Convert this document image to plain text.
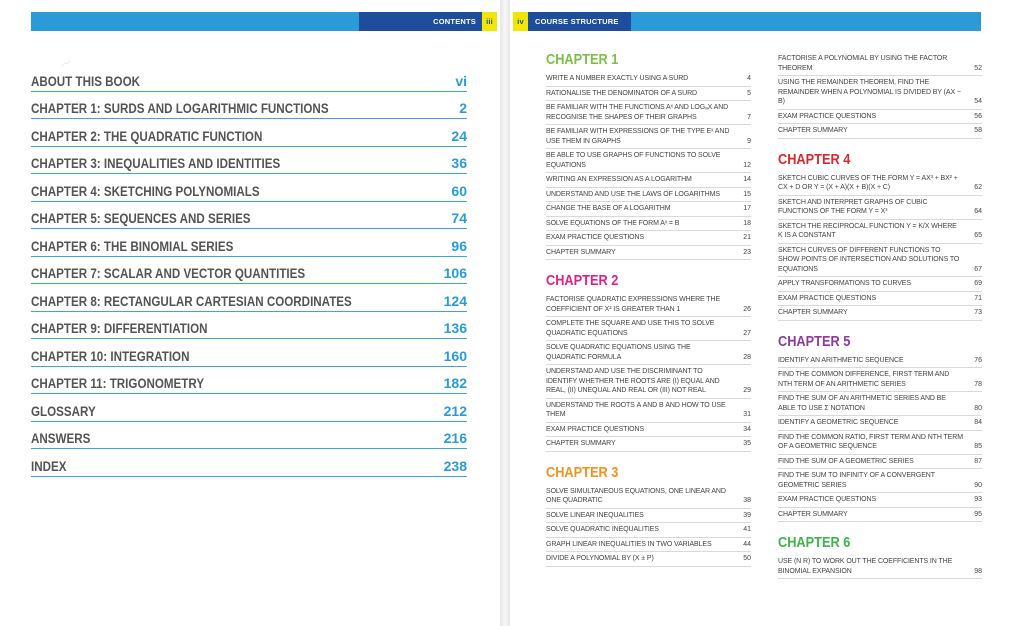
CONTENTS	iii	iv	COURSE STRUCTURE
ABOUT THIS BOOK	vi
CHAPTER 1: SURDS AND LOGARITHMIC FUNCTIONS	2
CHAPTER 2: THE QUADRATIC FUNCTION	24
CHAPTER 3: INEQUALITIES AND IDENTITIES	36
CHAPTER 4: SKETCHING POLYNOMIALS	60
CHAPTER 5: SEQUENCES AND SERIES	74
CHAPTER 6: THE BINOMIAL SERIES	96
CHAPTER 7: SCALAR AND VECTOR QUANTITIES	106
CHAPTER 8: RECTANGULAR CARTESIAN COORDINATES	124
CHAPTER 9: DIFFERENTIATION	136
CHAPTER 10: INTEGRATION	160
CHAPTER 11: TRIGONOMETRY	182
GLOSSARY	212
ANSWERS	216
INDEX	238
CHAPTER 1
WRITE A NUMBER EXACTLY USING A SURD	4
RATIONALISE THE DENOMINATOR OF A SURD	5
BE FAMILIAR WITH THE FUNCTIONS Aˣ AND LOGₐX AND RECOGNISE THE SHAPES OF THEIR GRAPHS	7
BE FAMILIAR WITH EXPRESSIONS OF THE TYPE Eˣ AND USE THEM IN GRAPHS	9
BE ABLE TO USE GRAPHS OF FUNCTIONS TO SOLVE EQUATIONS	12
WRITING AN EXPRESSION AS A LOGARITHM	14
UNDERSTAND AND USE THE LAWS OF LOGARITHMS	15
CHANGE THE BASE OF A LOGARITHM	17
SOLVE EQUATIONS OF THE FORM Aˣ = B	18
EXAM PRACTICE QUESTIONS	21
CHAPTER SUMMARY	23
CHAPTER 2
FACTORISE QUADRATIC EXPRESSIONS WHERE THE COEFFICIENT OF X² IS GREATER THAN 1	26
COMPLETE THE SQUARE AND USE THIS TO SOLVE QUADRATIC EQUATIONS	27
SOLVE QUADRATIC EQUATIONS USING THE QUADRATIC FORMULA	28
UNDERSTAND AND USE THE DISCRIMINANT TO IDENTIFY WHETHER THE ROOTS ARE (I) EQUAL AND REAL, (II) UNEQUAL AND REAL OR (III) NOT REAL	29
UNDERSTAND THE ROOTS Α AND Β AND HOW TO USE THEM	31
EXAM PRACTICE QUESTIONS	34
CHAPTER SUMMARY	35
CHAPTER 3
SOLVE SIMULTANEOUS EQUATIONS, ONE LINEAR AND ONE QUADRATIC	38
SOLVE LINEAR INEQUALITIES	39
SOLVE QUADRATIC INEQUALITIES	41
GRAPH LINEAR INEQUALITIES IN TWO VARIABLES	44
DIVIDE A POLYNOMIAL BY (X ± P)	50
FACTORISE A POLYNOMIAL BY USING THE FACTOR THEOREM	52
USING THE REMAINDER THEOREM, FIND THE REMAINDER WHEN A POLYNOMIAL IS DIVIDED BY (AX − B)	54
EXAM PRACTICE QUESTIONS	56
CHAPTER SUMMARY	58
CHAPTER 4
SKETCH CUBIC CURVES OF THE FORM Y = AX³ + BX² + CX + D OR Y = (X + A)(X + B)(X + C)	62
SKETCH AND INTERPRET GRAPHS OF CUBIC FUNCTIONS OF THE FORM Y = X³	64
SKETCH THE RECIPROCAL FUNCTION Y = K/X WHERE K IS A CONSTANT	65
SKETCH CURVES OF DIFFERENT FUNCTIONS TO SHOW POINTS OF INTERSECTION AND SOLUTIONS TO EQUATIONS	67
APPLY TRANSFORMATIONS TO CURVES	69
EXAM PRACTICE QUESTIONS	71
CHAPTER SUMMARY	73
CHAPTER 5
IDENTIFY AN ARITHMETIC SEQUENCE	76
FIND THE COMMON DIFFERENCE, FIRST TERM AND NTH TERM OF AN ARITHMETIC SERIES	78
FIND THE SUM OF AN ARITHMETIC SERIES AND BE ABLE TO USE Σ NOTATION	80
IDENTIFY A GEOMETRIC SEQUENCE	84
FIND THE COMMON RATIO, FIRST TERM AND NTH TERM OF A GEOMETRIC SEQUENCE	85
FIND THE SUM OF A GEOMETRIC SERIES	87
FIND THE SUM TO INFINITY OF A CONVERGENT GEOMETRIC SERIES	90
EXAM PRACTICE QUESTIONS	93
CHAPTER SUMMARY	95
CHAPTER 6
USE (N R) TO WORK OUT THE COEFFICIENTS IN THE BINOMIAL EXPANSION	98
